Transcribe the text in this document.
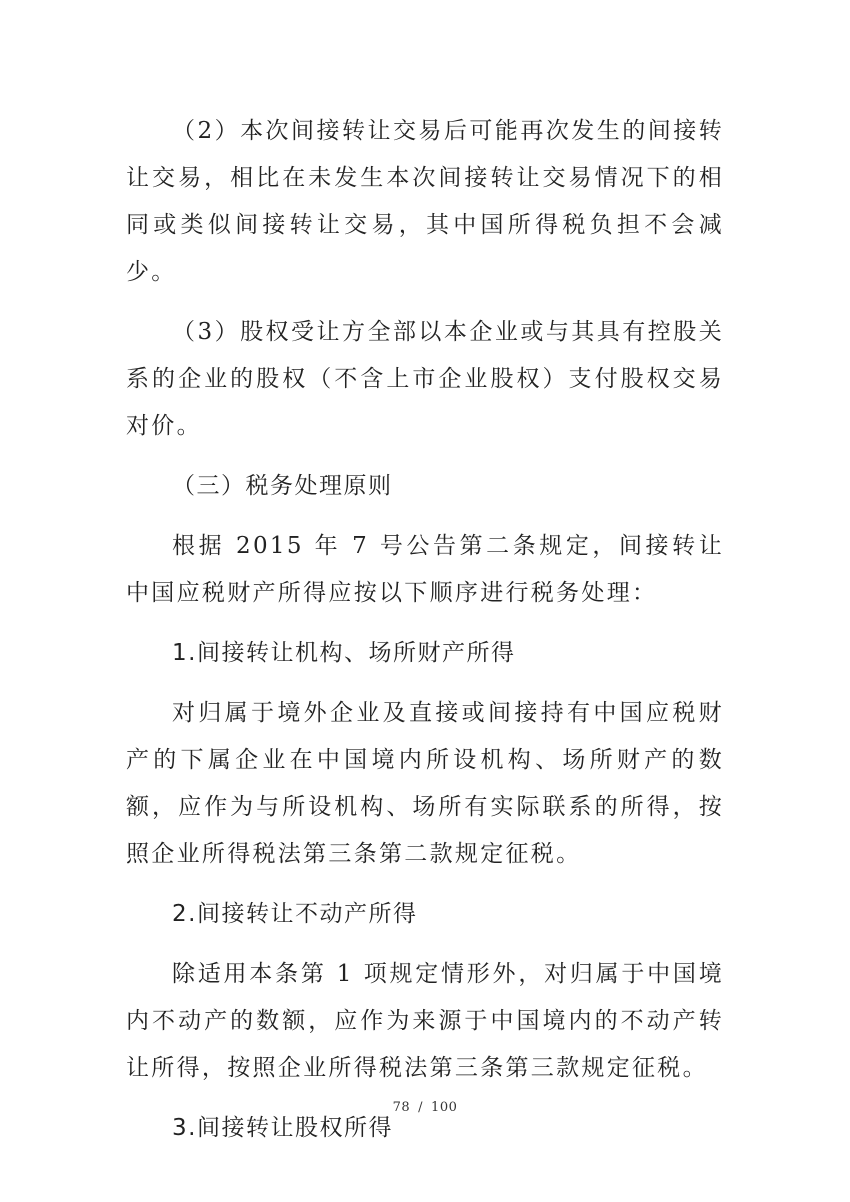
（2）本次间接转让交易后可能再次发生的间接转让交易，相比在未发生本次间接转让交易情况下的相同或类似间接转让交易，其中国所得税负担不会减少。

（3）股权受让方全部以本企业或与其具有控股关系的企业的股权（不含上市企业股权）支付股权交易对价。

（三）税务处理原则

根据 2015 年 7 号公告第二条规定，间接转让中国应税财产所得应按以下顺序进行税务处理：

1.间接转让机构、场所财产所得

对归属于境外企业及直接或间接持有中国应税财产的下属企业在中国境内所设机构、场所财产的数额，应作为与所设机构、场所有实际联系的所得，按照企业所得税法第三条第二款规定征税。

2.间接转让不动产所得

除适用本条第 1 项规定情形外，对归属于中国境内不动产的数额，应作为来源于中国境内的不动产转让所得，按照企业所得税法第三条第三款规定征税。

3.间接转让股权所得

78 / 100
